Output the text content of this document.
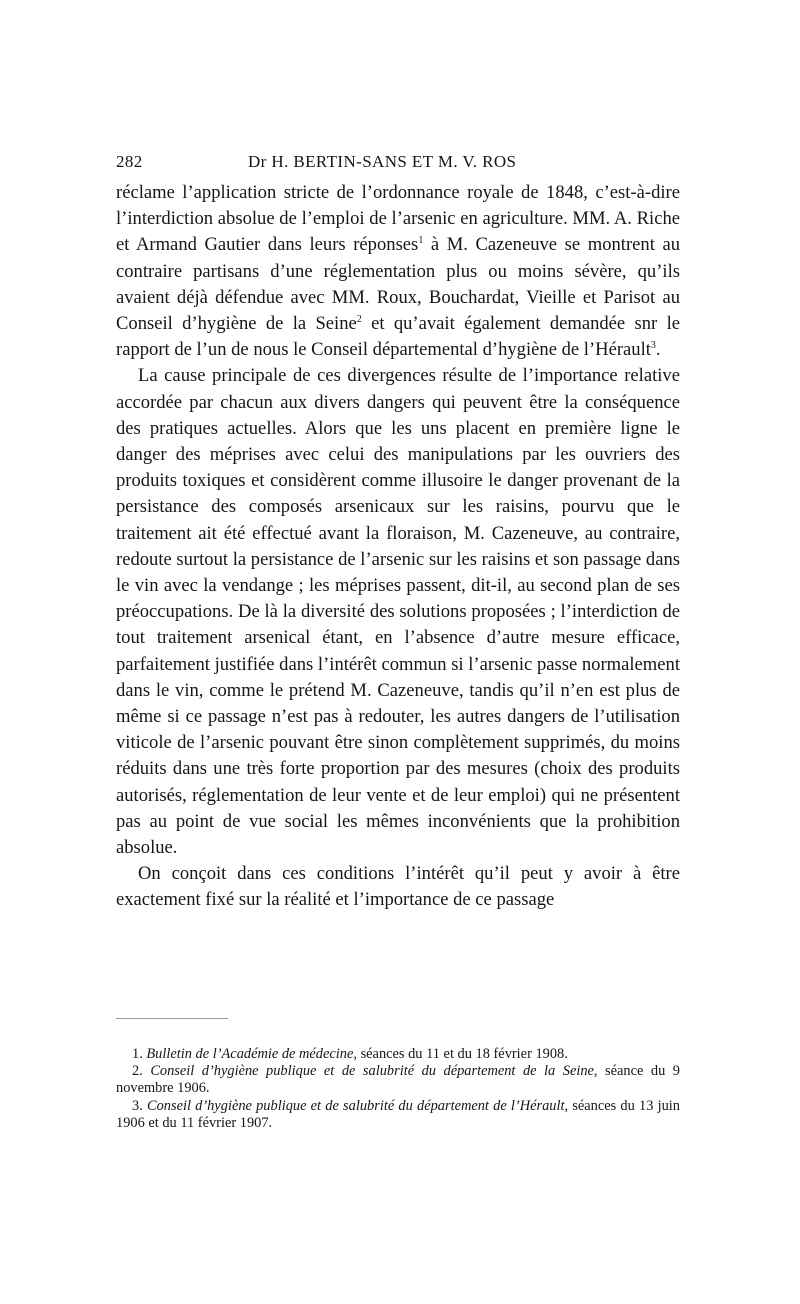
282	Dr H. BERTIN-SANS ET M. V. ROS

réclame l’application stricte de l’ordonnance royale de 1848, c’est-à-dire l’interdiction absolue de l’emploi de l’arsenic en agriculture. MM. A. Riche et Armand Gautier dans leurs réponses$^1$ à M. Cazeneuve se montrent au contraire partisans d’une réglementation plus ou moins sévère, qu’ils avaient déjà défendue avec MM. Roux, Bouchardat, Vieille et Parisot au Conseil d’hygiène de la Seine$^2$ et qu’avait également demandée snr le rapport de l’un de nous le Conseil départemental d’hygiène de l’Hérault$^3$.

La cause principale de ces divergences résulte de l’importance relative accordée par chacun aux divers dangers qui peuvent être la conséquence des pratiques actuelles. Alors que les uns placent en première ligne le danger des méprises avec celui des manipulations par les ouvriers des produits toxiques et considèrent comme illusoire le danger provenant de la persistance des composés arsenicaux sur les raisins, pourvu que le traitement ait été effectué avant la floraison, M. Cazeneuve, au contraire, redoute surtout la persistance de l’arsenic sur les raisins et son passage dans le vin avec la vendange ; les méprises passent, dit-il, au second plan de ses préoccupations. De là la diversité des solutions proposées ; l’interdiction de tout traitement arsenical étant, en l’absence d’autre mesure efficace, parfaitement justifiée dans l’intérêt commun si l’arsenic passe normalement dans le vin, comme le prétend M. Cazeneuve, tandis qu’il n’en est plus de même si ce passage n’est pas à redouter, les autres dangers de l’utilisation viticole de l’arsenic pouvant être sinon complètement supprimés, du moins réduits dans une très forte proportion par des mesures (choix des produits autorisés, réglementation de leur vente et de leur emploi) qui ne présentent pas au point de vue social les mêmes inconvénients que la prohibition absolue.

On conçoit dans ces conditions l’intérêt qu’il peut y avoir à être exactement fixé sur la réalité et l’importance de ce passage

1. Bulletin de l’Académie de médecine, séances du 11 et du 18 février 1908.

2. Conseil d’hygiène publique et de salubrité du département de la Seine, séance du 9 novembre 1906.

3. Conseil d’hygiène publique et de salubrité du département de l’Hérault, séances du 13 juin 1906 et du 11 février 1907.
